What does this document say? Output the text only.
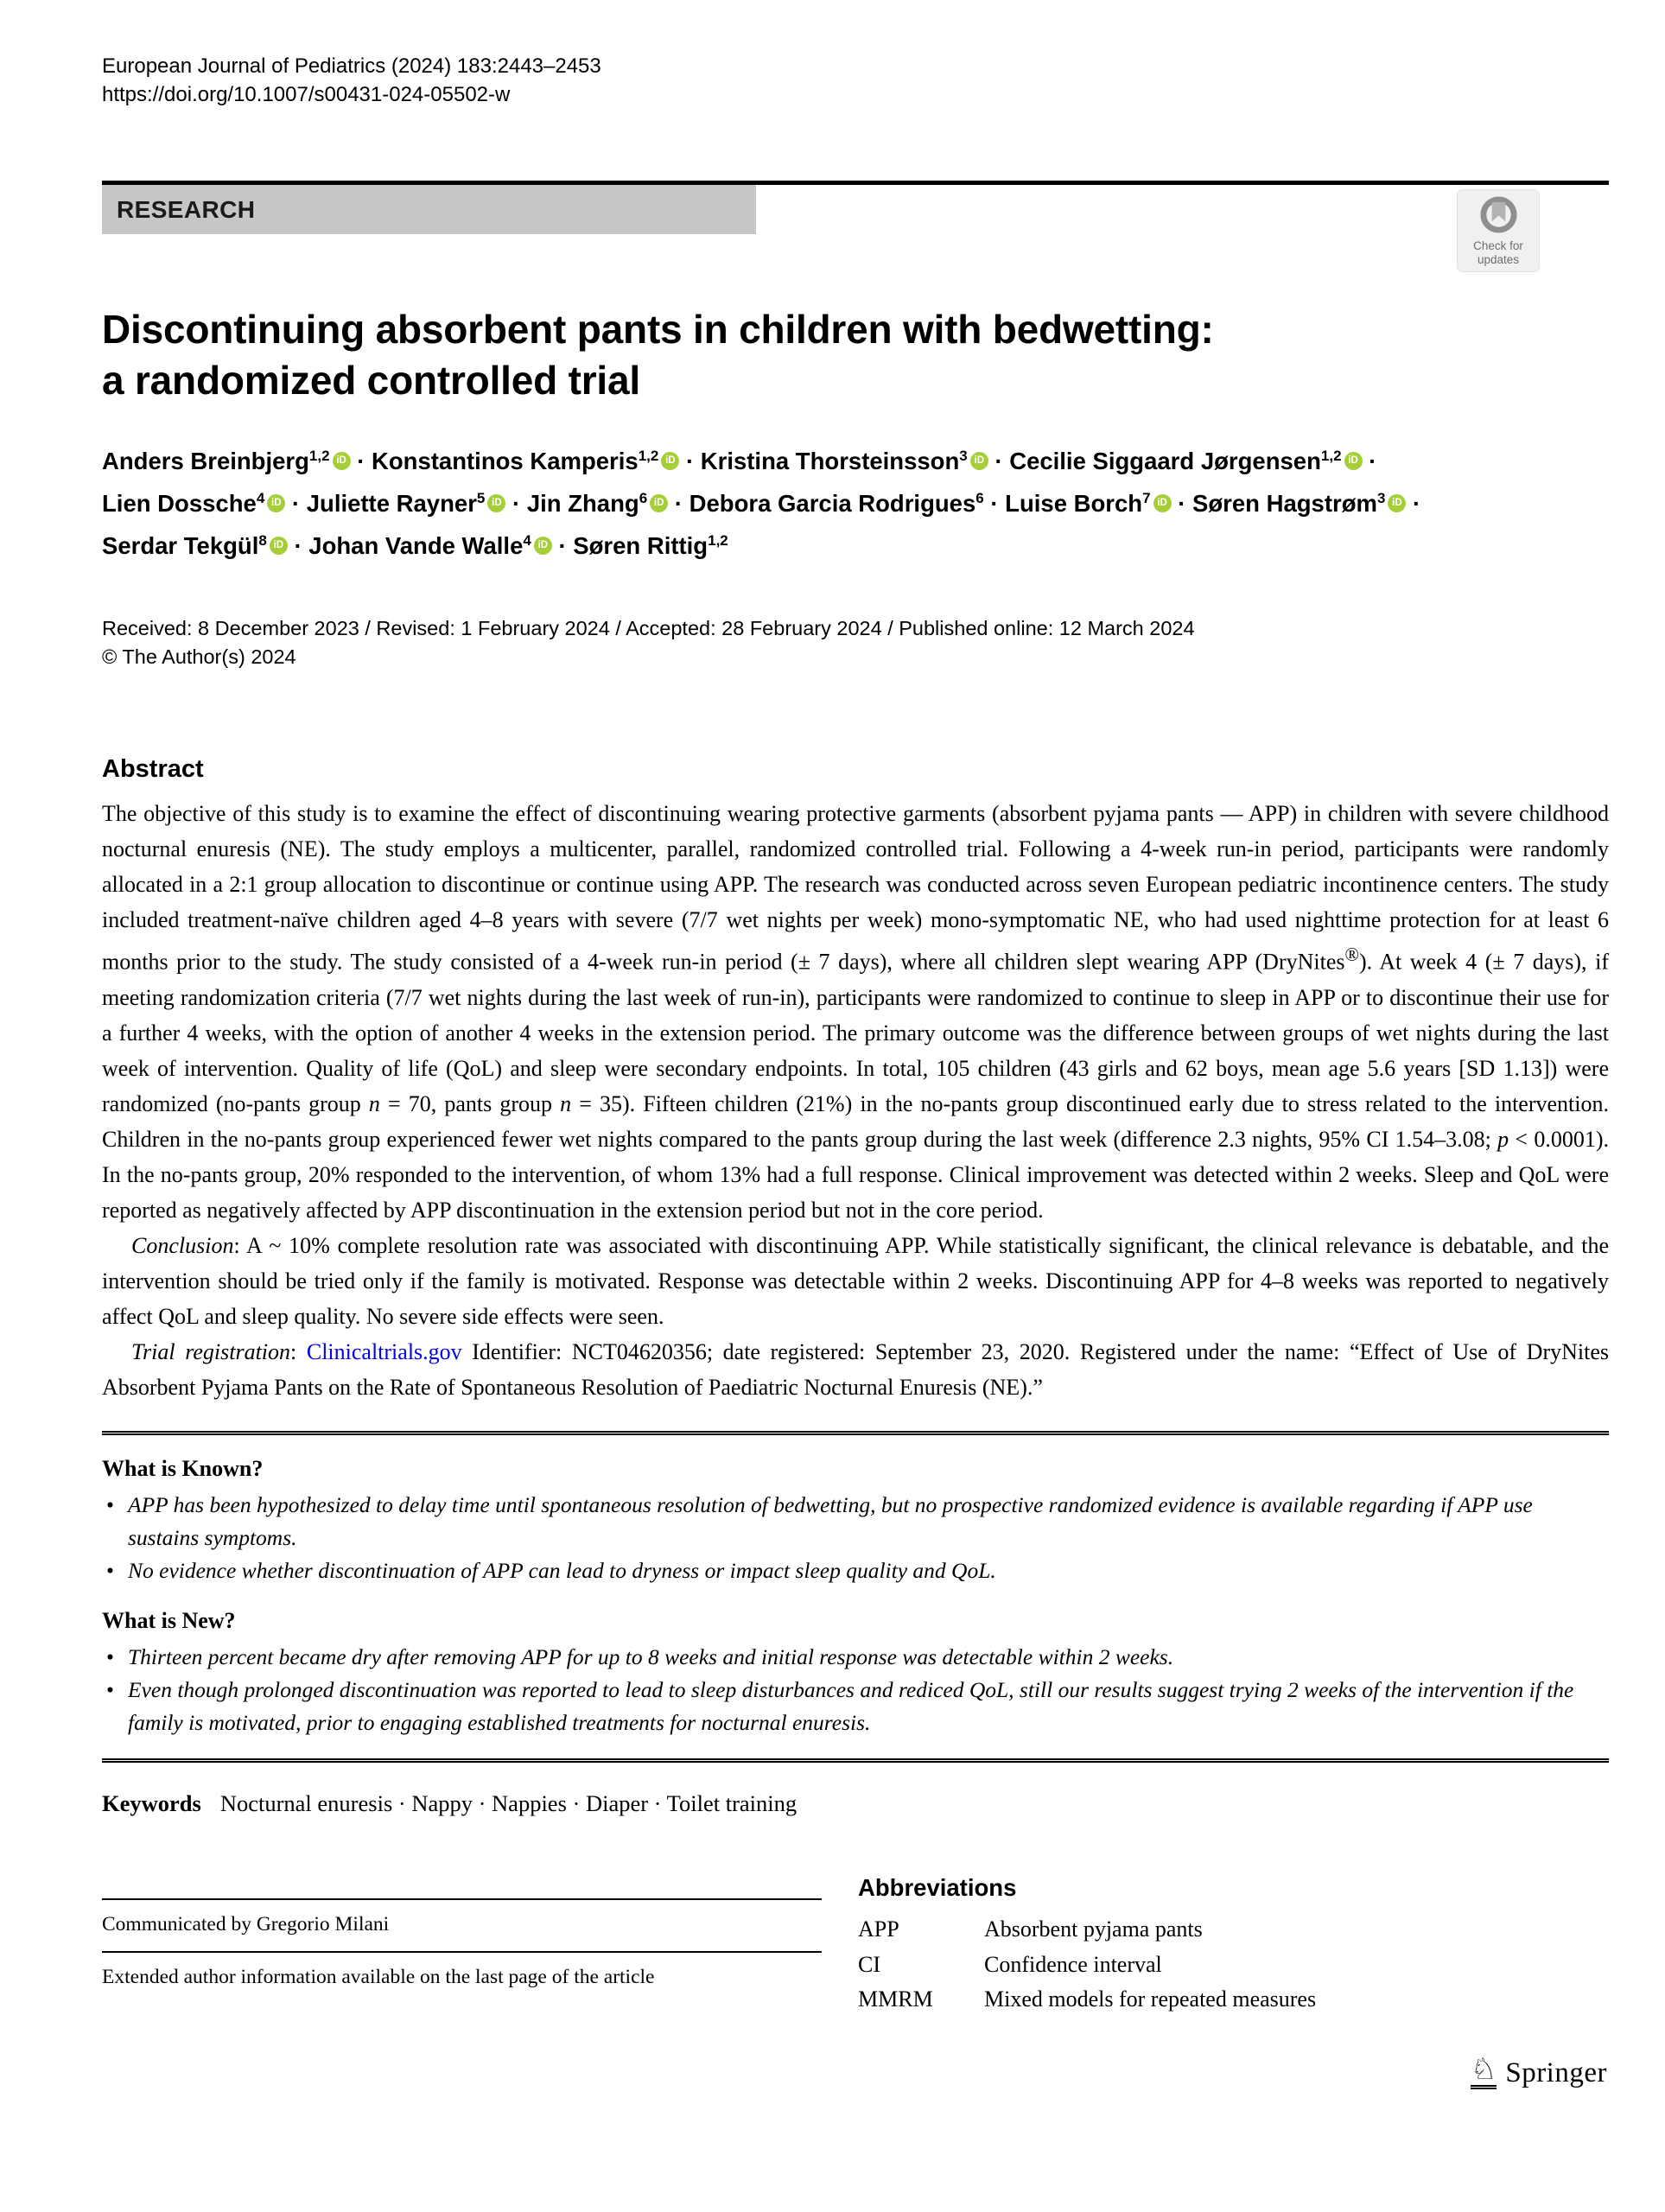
European Journal of Pediatrics (2024) 183:2443–2453
https://doi.org/10.1007/s00431-024-05502-w
RESEARCH
Check for
updates
Discontinuing absorbent pants in children with bedwetting:
a randomized controlled trial
Anders Breinbjerg$^{1,2}$ iD · Konstantinos Kamperis$^{1,2}$ iD · Kristina Thorsteinsson$^3$ iD · Cecilie Siggaard Jørgensen$^{1,2}$ iD ·
Lien Dossche$^4$ iD · Juliette Rayner$^5$ iD · Jin Zhang$^6$ iD · Debora Garcia Rodrigues$^6$ · Luise Borch$^7$ iD · Søren Hagstrøm$^3$ iD ·
Serdar Tekgül$^8$ iD · Johan Vande Walle$^4$ iD · Søren Rittig$^{1,2}$
Received: 8 December 2023 / Revised: 1 February 2024 / Accepted: 28 February 2024 / Published online: 12 March 2024
© The Author(s) 2024
Abstract

The objective of this study is to examine the effect of discontinuing wearing protective garments (absorbent pyjama pants — APP) in children with severe childhood nocturnal enuresis (NE). The study employs a multicenter, parallel, randomized controlled trial. Following a 4-week run-in period, participants were randomly allocated in a 2:1 group allocation to discontinue or continue using APP. The research was conducted across seven European pediatric incontinence centers. The study included treatment-naïve children aged 4–8 years with severe (7/7 wet nights per week) mono-symptomatic NE, who had used nighttime protection for at least 6 months prior to the study. The study consisted of a 4-week run-in period (± 7 days), where all children slept wearing APP (DryNites®). At week 4 (± 7 days), if meeting randomization criteria (7/7 wet nights during the last week of run-in), participants were randomized to continue to sleep in APP or to discontinue their use for a further 4 weeks, with the option of another 4 weeks in the extension period. The primary outcome was the difference between groups of wet nights during the last week of intervention. Quality of life (QoL) and sleep were secondary endpoints. In total, 105 children (43 girls and 62 boys, mean age 5.6 years [SD 1.13]) were randomized (no-pants group n = 70, pants group n = 35). Fifteen children (21%) in the no-pants group discontinued early due to stress related to the intervention. Children in the no-pants group experienced fewer wet nights compared to the pants group during the last week (difference 2.3 nights, 95% CI 1.54–3.08; p < 0.0001). In the no-pants group, 20% responded to the intervention, of whom 13% had a full response. Clinical improvement was detected within 2 weeks. Sleep and QoL were reported as negatively affected by APP discontinuation in the extension period but not in the core period.

Conclusion: A ~ 10% complete resolution rate was associated with discontinuing APP. While statistically significant, the clinical relevance is debatable, and the intervention should be tried only if the family is motivated. Response was detectable within 2 weeks. Discontinuing APP for 4–8 weeks was reported to negatively affect QoL and sleep quality. No severe side effects were seen.

Trial registration: Clinicaltrials.gov Identifier: NCT04620356; date registered: September 23, 2020. Registered under the name: “Effect of Use of DryNites Absorbent Pyjama Pants on the Rate of Spontaneous Resolution of Paediatric Nocturnal Enuresis (NE).”

What is Known?
• APP has been hypothesized to delay time until spontaneous resolution of bedwetting, but no prospective randomized evidence is available regarding if APP use sustains symptoms.
• No evidence whether discontinuation of APP can lead to dryness or impact sleep quality and QoL.
What is New?
• Thirteen percent became dry after removing APP for up to 8 weeks and initial response was detectable within 2 weeks.
• Even though prolonged discontinuation was reported to lead to sleep disturbances and rediced QoL, still our results suggest trying 2 weeks of the intervention if the family is motivated, prior to engaging established treatments for nocturnal enuresis.
Keywords Nocturnal enuresis · Nappy · Nappies · Diaper · Toilet training
Communicated by Gregorio Milani
Extended author information available on the last page of the article
Abbreviations
APP	Absorbent pyjama pants
CI	Confidence interval
MMRM	Mixed models for repeated measures
♘ Springer
